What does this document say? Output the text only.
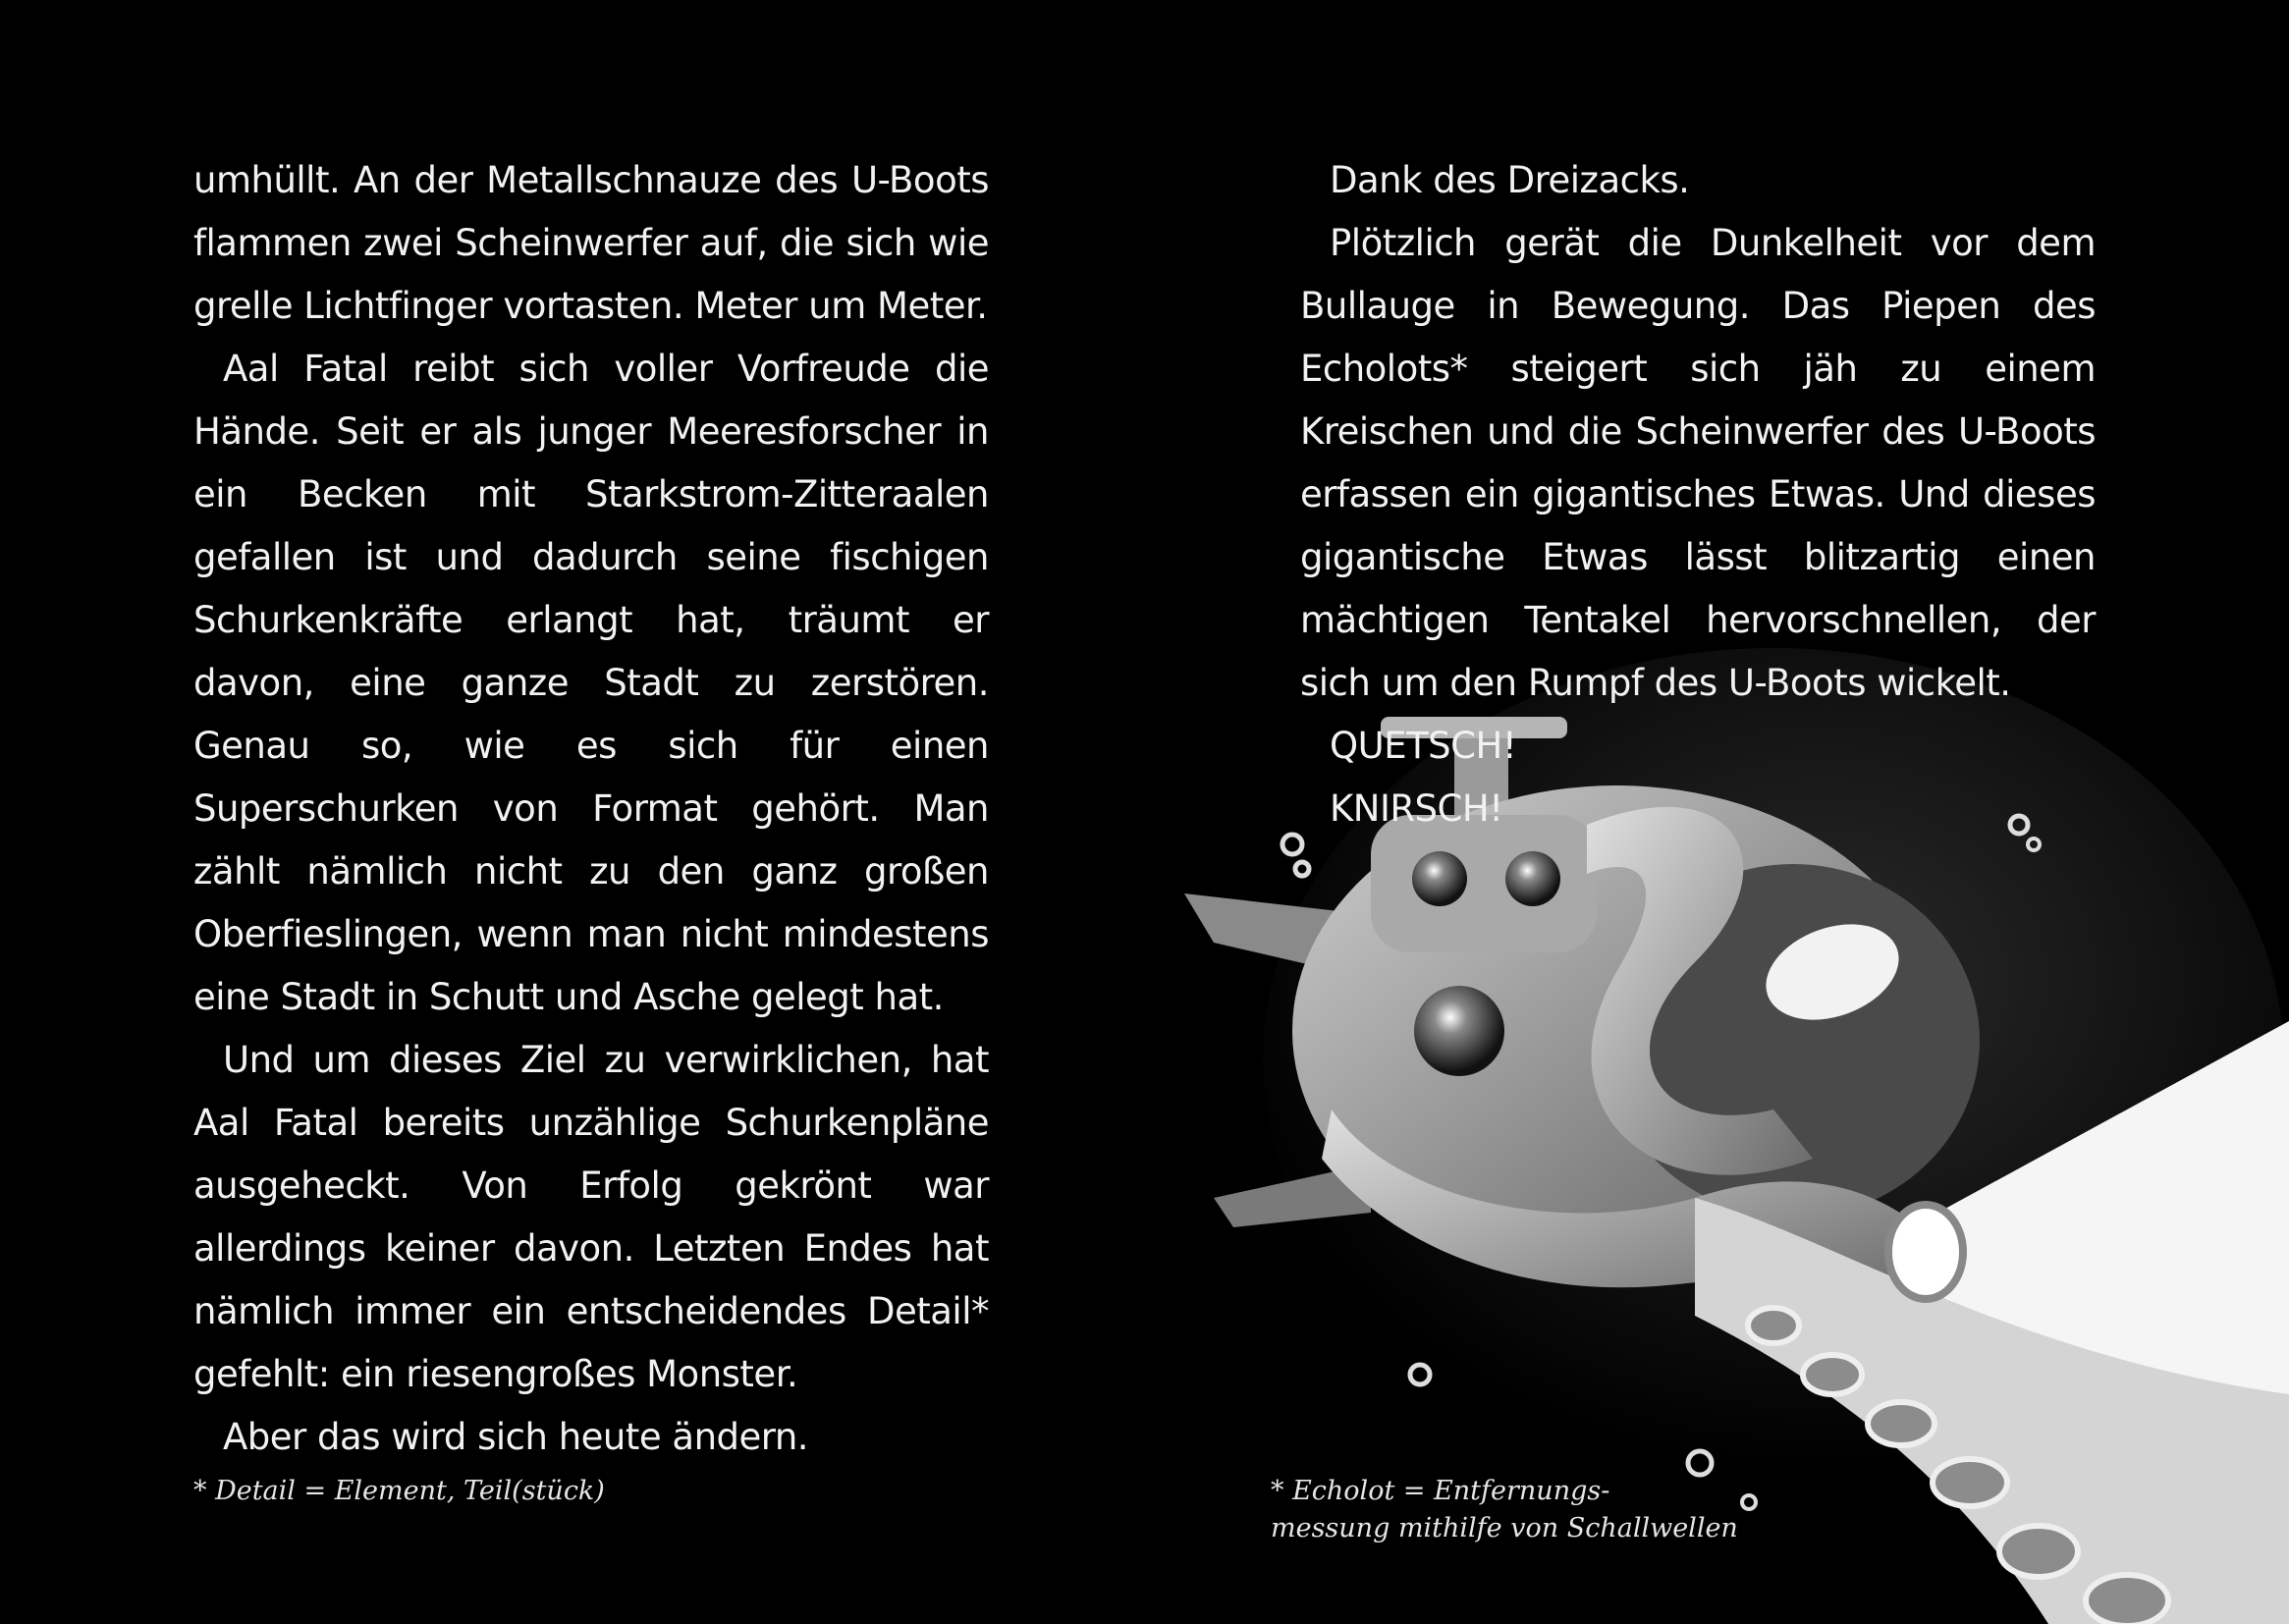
umhüllt. An der Metallschnauze des U-Boots flammen zwei Scheinwerfer auf, die sich wie grelle Lichtfinger vortasten. Meter um Meter.

Aal Fatal reibt sich voller Vorfreude die Hände. Seit er als junger Meeresforscher in ein Becken mit Starkstrom-Zitteraalen gefallen ist und dadurch seine fischigen Schurkenkräfte erlangt hat, träumt er davon, eine ganze Stadt zu zerstören. Genau so, wie es sich für einen Superschurken von Format gehört. Man zählt nämlich nicht zu den ganz großen Oberfieslingen, wenn man nicht mindestens eine Stadt in Schutt und Asche gelegt hat.

Und um dieses Ziel zu verwirklichen, hat Aal Fatal bereits unzählige Schurkenpläne ausgeheckt. Von Erfolg gekrönt war allerdings keiner davon. Letzten Endes hat nämlich immer ein entscheidendes Detail* gefehlt: ein riesengroßes Monster.

Aber das wird sich heute ändern.

* Detail = Element, Teil(stück)

Dank des Dreizacks.

Plötzlich gerät die Dunkelheit vor dem Bullauge in Bewegung. Das Piepen des Echolots* steigert sich jäh zu einem Kreischen und die Scheinwerfer des U-Boots erfassen ein gigantisches Etwas. Und dieses gigantische Etwas lässt blitzartig einen mächtigen Tentakel hervorschnellen, der sich um den Rumpf des U-Boots wickelt.

QUETSCH!

KNIRSCH!

* Echolot = Entfernungs-
messung mithilfe von Schallwellen
